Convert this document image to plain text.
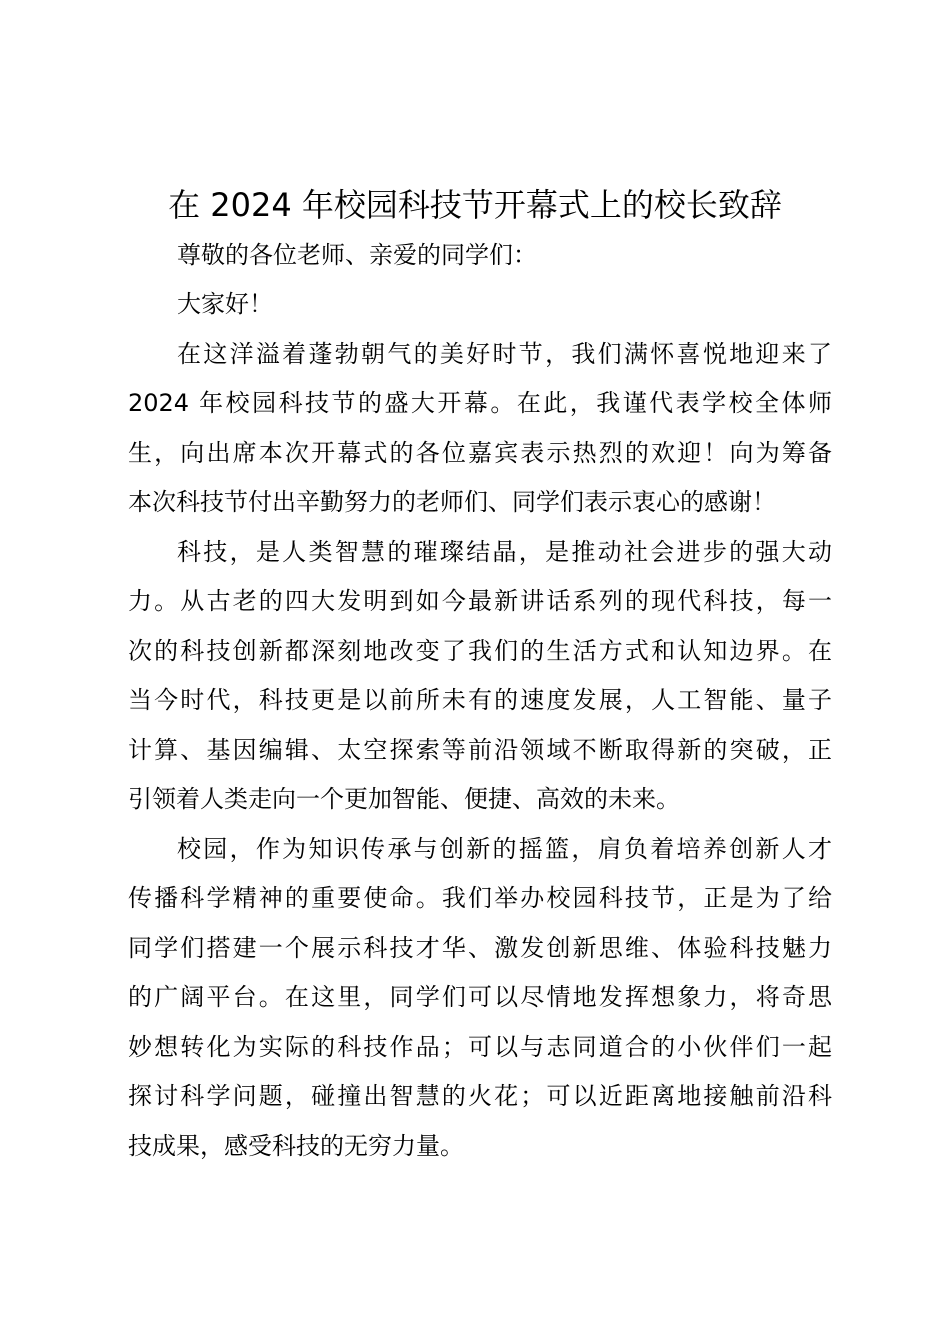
在 2024 年校园科技节开幕式上的校长致辞

尊敬的各位老师、亲爱的同学们：

大家好！

在这洋溢着蓬勃朝气的美好时节，我们满怀喜悦地迎来了

2024 年校园科技节的盛大开幕。在此，我谨代表学校全体师

生，向出席本次开幕式的各位嘉宾表示热烈的欢迎！向为筹备

本次科技节付出辛勤努力的老师们、同学们表示衷心的感谢！

科技，是人类智慧的璀璨结晶，是推动社会进步的强大动

力。从古老的四大发明到如今最新讲话系列的现代科技，每一

次的科技创新都深刻地改变了我们的生活方式和认知边界。在

当今时代，科技更是以前所未有的速度发展，人工智能、量子

计算、基因编辑、太空探索等前沿领域不断取得新的突破，正

引领着人类走向一个更加智能、便捷、高效的未来。

校园，作为知识传承与创新的摇篮，肩负着培养创新人才

传播科学精神的重要使命。我们举办校园科技节，正是为了给

同学们搭建一个展示科技才华、激发创新思维、体验科技魅力

的广阔平台。在这里，同学们可以尽情地发挥想象力，将奇思

妙想转化为实际的科技作品；可以与志同道合的小伙伴们一起

探讨科学问题，碰撞出智慧的火花；可以近距离地接触前沿科

技成果，感受科技的无穷力量。
